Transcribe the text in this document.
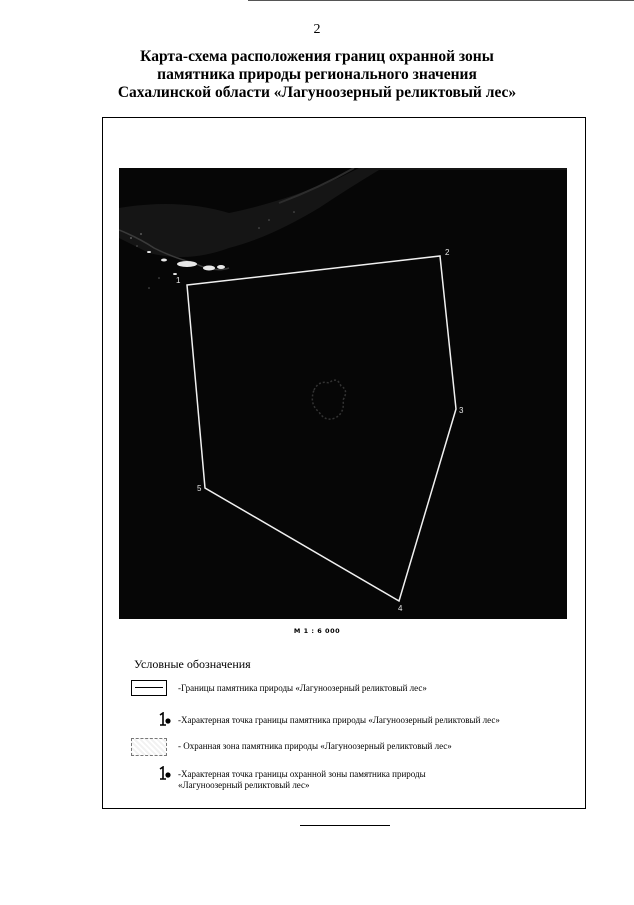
2
Карта-схема расположения границ охранной зоны
памятника природы регионального значения
Сахалинской области «Лагуноозерный реликтовый лес»
1
2
3
4
5
М 1 : 6 000
Условные обозначения
-Границы памятника природы «Лагуноозерный реликтовый лес»
-Характерная точка границы памятника природы «Лагуноозерный реликтовый лес»
- Охранная зона памятника природы «Лагуноозерный реликтовый лес»
-Характерная точка границы охранной зоны памятника природы
«Лагуноозерный реликтовый лес»
